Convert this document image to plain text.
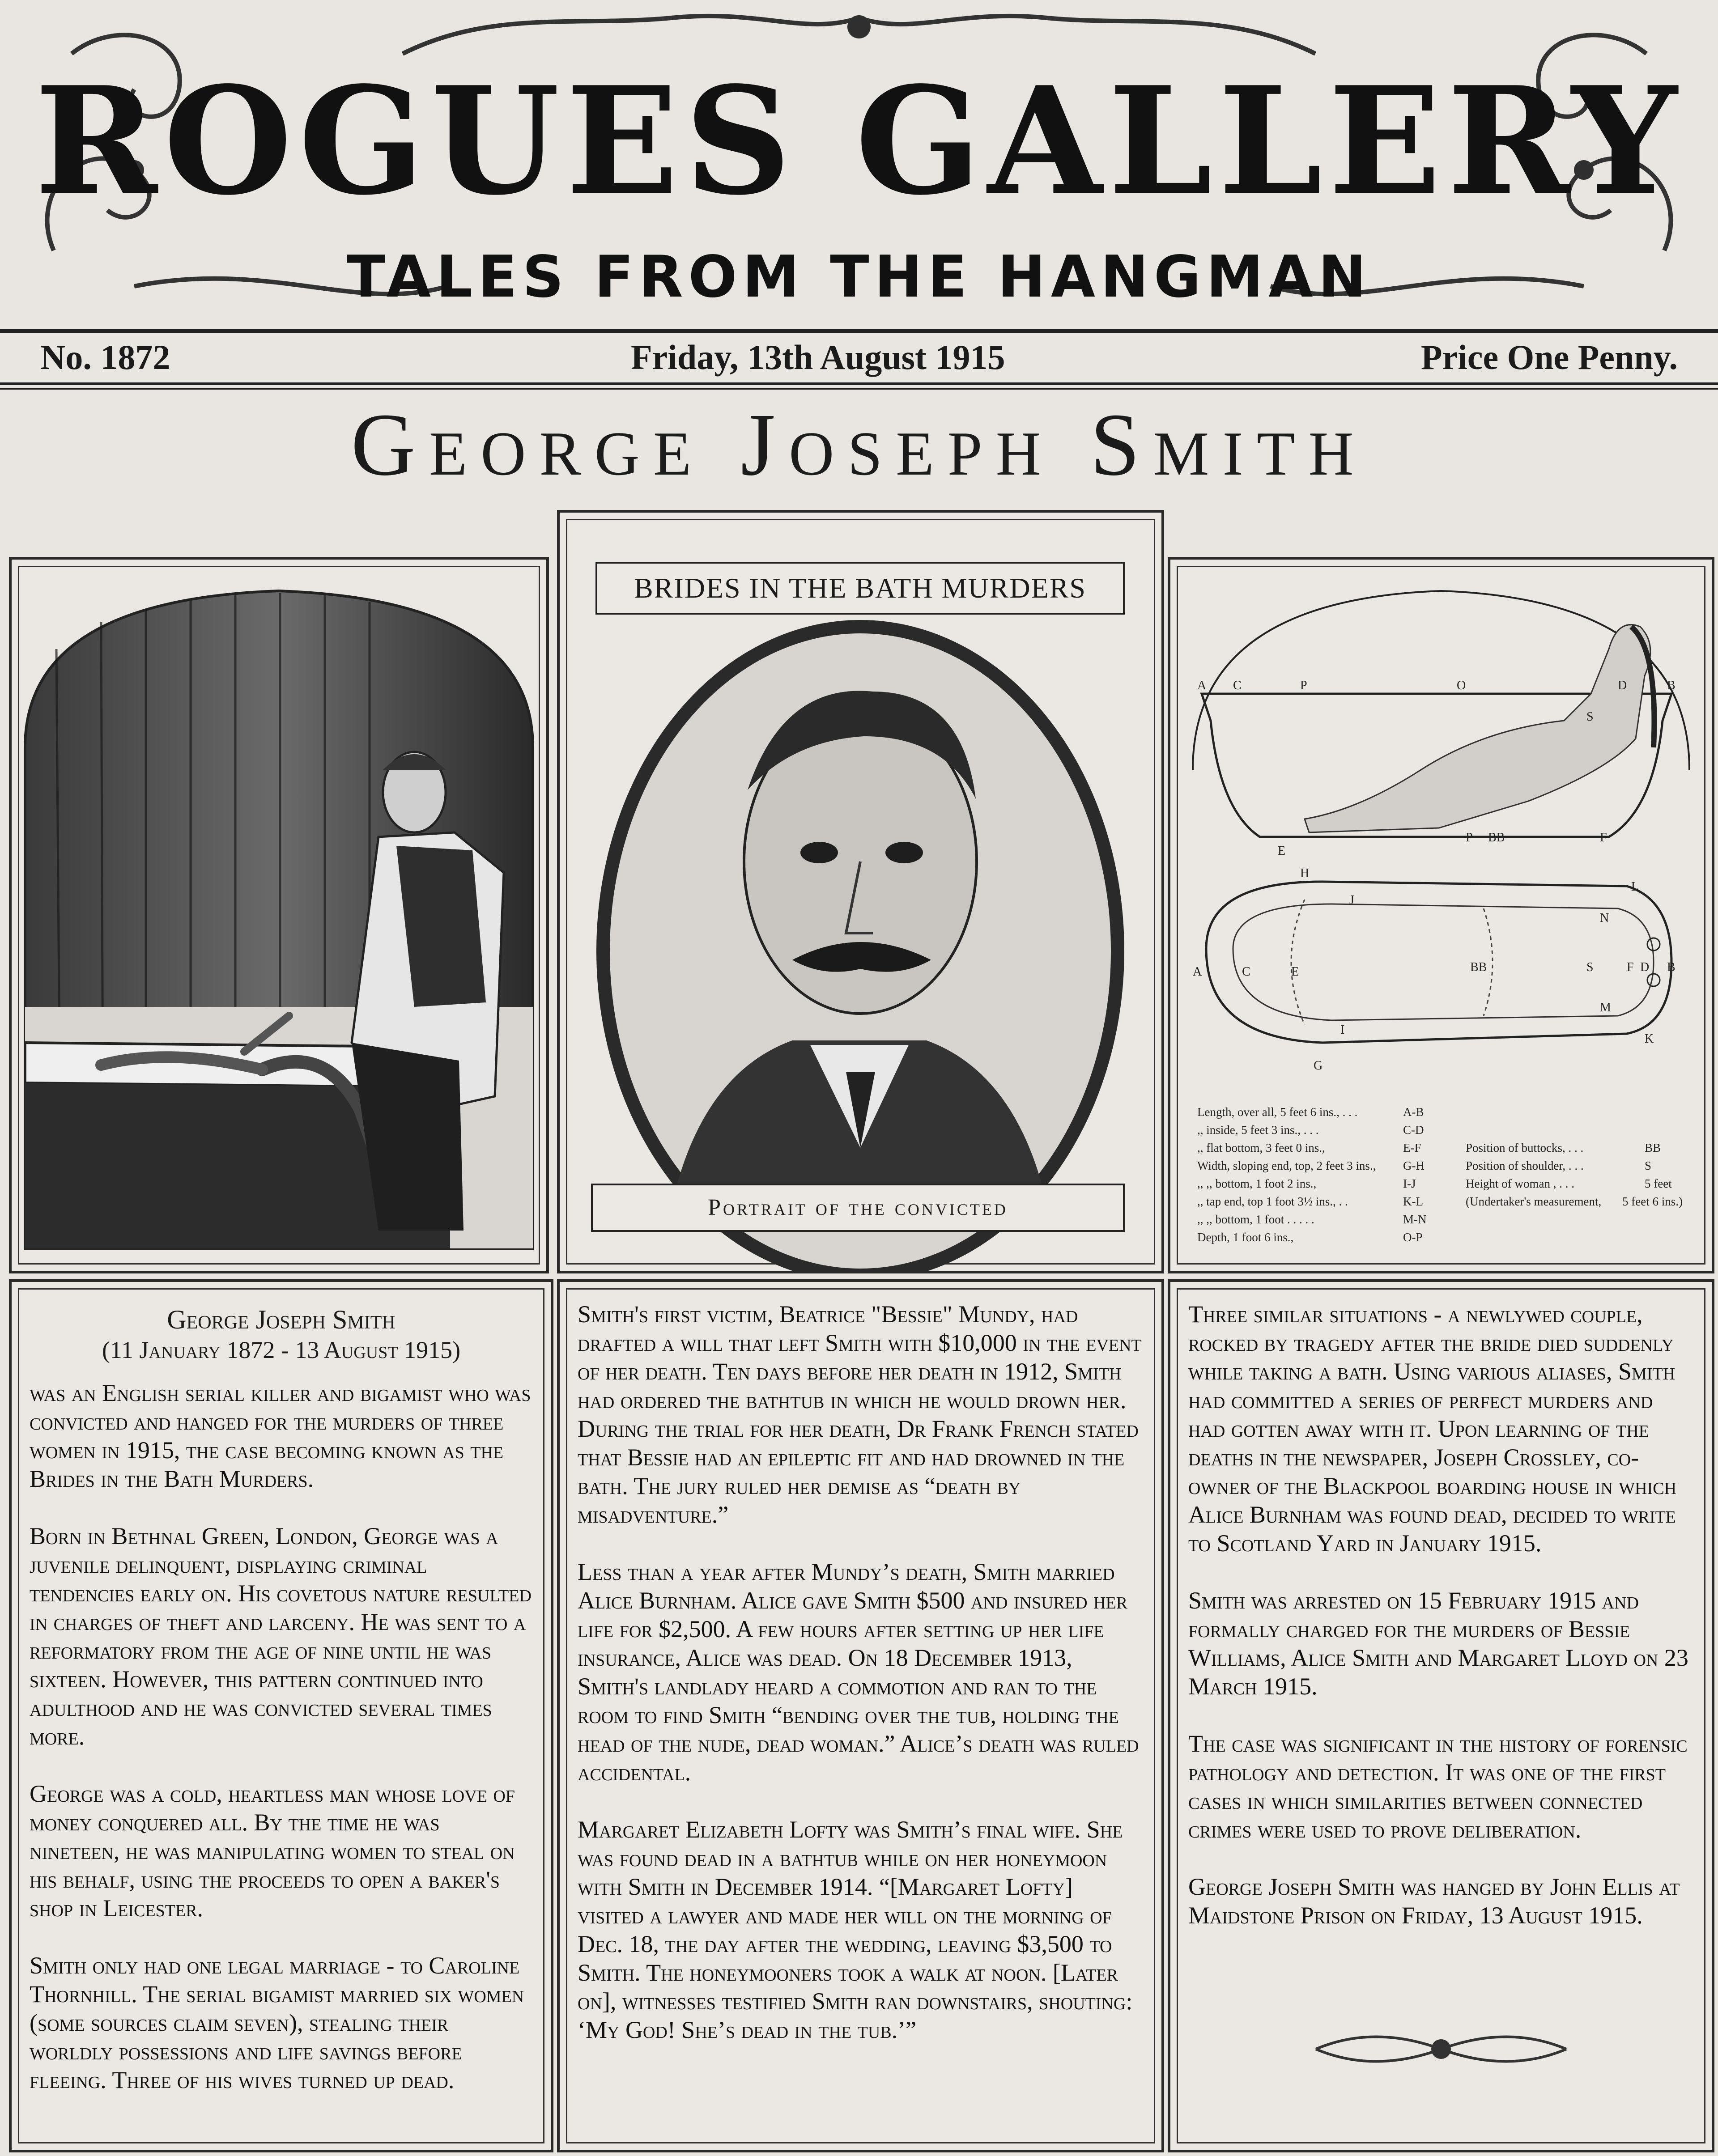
ROGUES GALLERY
TALES FROM THE HANGMAN
No. 1872	Friday, 13th August 1915	Price One Penny.
George Joseph Smith
BRIDES IN THE BATH MURDERS
Portrait of the convicted
A C	P	O	D	B
S
E
P BB	F
H
J
L
N
A	C	E	BB	S	F D B
M
I
K
G
Length, over all, 5 feet 6 ins., . . .	A-B
,, inside, 5 feet 3 ins., . . .	C-D
,, flat bottom, 3 feet 0 ins.,	E-F
Width, sloping end, top, 2 feet 3 ins., G-H
,, ,, bottom, 1 foot 2 ins.,	I-J
,, tap end, top 1 foot 3½ ins., . .	K-L
,, ,, bottom, 1 foot . . . . .	M-N
Depth, 1 foot 6 ins.,	O-P
Position of buttocks, . . .	BB
Position of shoulder, . . .	S
Height of woman , . . .	5 feet
(Undertaker's measurement, 5 feet 6 ins.)
George Joseph Smith
(11 January 1872 - 13 August 1915)

was an English serial killer and bigamist who was convicted and hanged for the murders of three women in 1915, the case becoming known as the Brides in the Bath Murders.

Born in Bethnal Green, London, George was a juvenile delinquent, displaying criminal tendencies early on. His covetous nature resulted in charges of theft and larceny. He was sent to a reformatory from the age of nine until he was sixteen. However, this pattern continued into adulthood and he was convicted several times more.

George was a cold, heartless man whose love of money conquered all. By the time he was nineteen, he was manipulating women to steal on his behalf, using the proceeds to open a baker's shop in Leicester.

Smith only had one legal marriage - to Caroline Thornhill. The serial bigamist married six women (some sources claim seven), stealing their worldly possessions and life savings before fleeing. Three of his wives turned up dead.

Smith's first victim, Beatrice "Bessie" Mundy, had drafted a will that left Smith with $10,000 in the event of her death. Ten days before her death in 1912, Smith had ordered the bathtub in which he would drown her. During the trial for her death, Dr Frank French stated that Bessie had an epileptic fit and had drowned in the bath. The jury ruled her demise as “death by misadventure.”

Less than a year after Mundy’s death, Smith married Alice Burnham. Alice gave Smith $500 and insured her life for $2,500. A few hours after setting up her life insurance, Alice was dead. On 18 December 1913, Smith's landlady heard a commotion and ran to the room to find Smith “bending over the tub, holding the head of the nude, dead woman.” Alice’s death was ruled accidental.

Margaret Elizabeth Lofty was Smith’s final wife. She was found dead in a bathtub while on her honeymoon with Smith in December 1914. “[Margaret Lofty] visited a lawyer and made her will on the morning of Dec. 18, the day after the wedding, leaving $3,500 to Smith. The honeymooners took a walk at noon. [Later on], witnesses testified Smith ran downstairs, shouting: ‘My God! She’s dead in the tub.’”

Three similar situations - a newlywed couple, rocked by tragedy after the bride died suddenly while taking a bath. Using various aliases, Smith had committed a series of perfect murders and had gotten away with it. Upon learning of the deaths in the newspaper, Joseph Crossley, co-owner of the Blackpool boarding house in which Alice Burnham was found dead, decided to write to Scotland Yard in January 1915.

Smith was arrested on 15 February 1915 and formally charged for the murders of Bessie Williams, Alice Smith and Margaret Lloyd on 23 March 1915.

The case was significant in the history of forensic pathology and detection. It was one of the first cases in which similarities between connected crimes were used to prove deliberation.

George Joseph Smith was hanged by John Ellis at Maidstone Prison on Friday, 13 August 1915.
